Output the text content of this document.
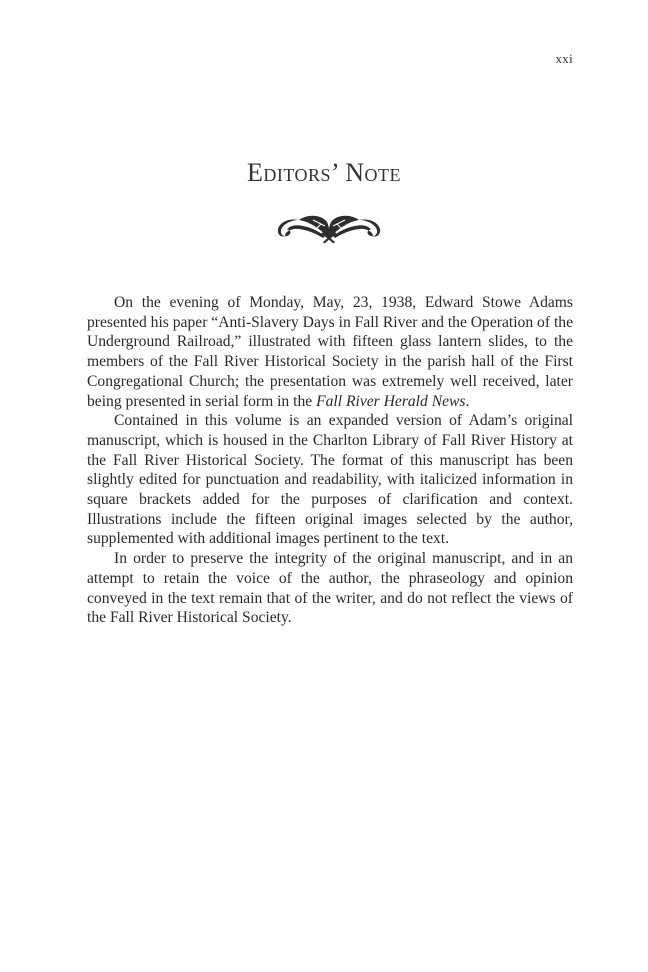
xxi
Editors’ Note

On the evening of Monday, May, 23, 1938, Edward Stowe Adams presented his paper “Anti-Slavery Days in Fall River and the Operation of the Underground Railroad,” illustrated with fifteen glass lantern slides, to the members of the Fall River Historical Society in the parish hall of the First Congregational Church; the presentation was extremely well received, later being presented in serial form in the Fall River Herald News.

Contained in this volume is an expanded version of Adam’s original manuscript, which is housed in the Charlton Library of Fall River History at the Fall River Historical Society. The format of this manuscript has been slightly edited for punctuation and readability, with italicized information in square brackets added for the purposes of clarification and context. Illustrations include the fifteen original images selected by the author, supplemented with additional images pertinent to the text.

In order to preserve the integrity of the original manuscript, and in an attempt to retain the voice of the author, the phraseology and opinion conveyed in the text remain that of the writer, and do not reflect the views of the Fall River Historical Society.
